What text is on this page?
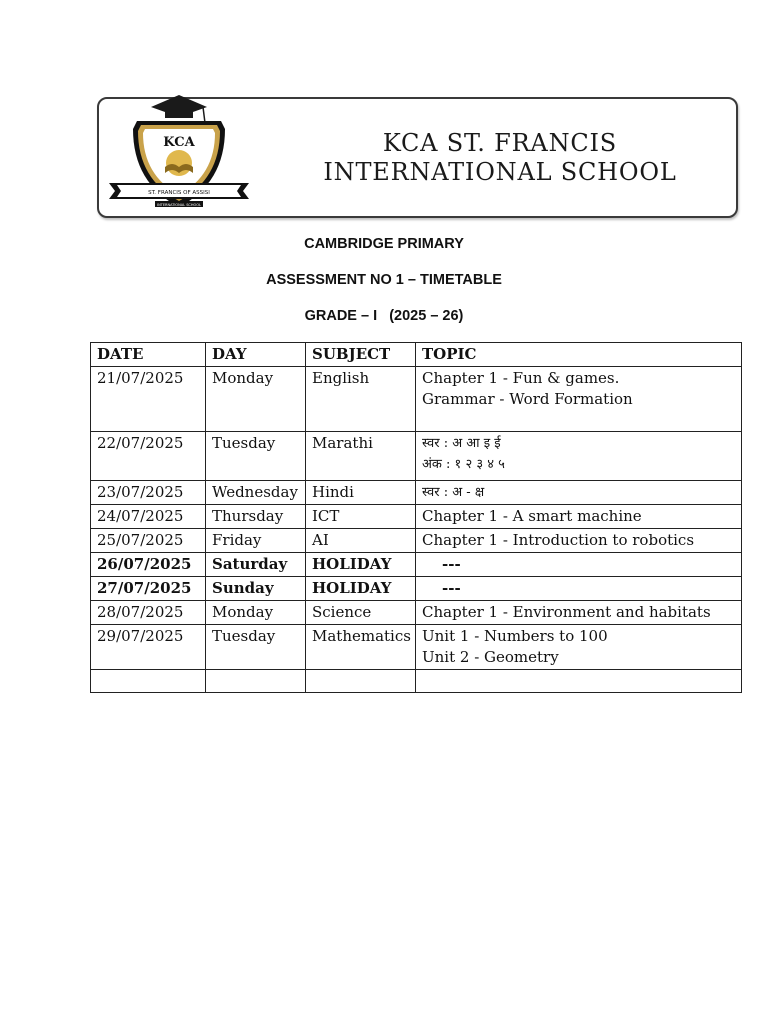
KCA
ST. FRANCIS OF ASSISI
INTERNATIONAL SCHOOL
KCA ST. FRANCIS
INTERNATIONAL SCHOOL
CAMBRIDGE PRIMARY
ASSESSMENT NO 1 – TIMETABLE
GRADE – I   (2025 – 26)
DATE	DAY	SUBJECT	TOPIC
21/07/2025	Monday	English	Chapter 1 - Fun & games.
Grammar - Word Formation

22/07/2025	Tuesday	Marathi	स्वर : अ आ इ ई
अंक : १ २ ३ ४ ५

23/07/2025	Wednesday	Hindi	स्वर : अ - क्ष

24/07/2025	Thursday	ICT	Chapter 1 - A smart machine

25/07/2025	Friday	AI	Chapter 1 - Introduction to robotics

26/07/2025	Saturday	HOLIDAY	---

27/07/2025	Sunday	HOLIDAY	---

28/07/2025	Monday	Science	Chapter 1 - Environment and habitats

29/07/2025	Tuesday	Mathematics	Unit 1 - Numbers to 100
Unit 2 - Geometry
